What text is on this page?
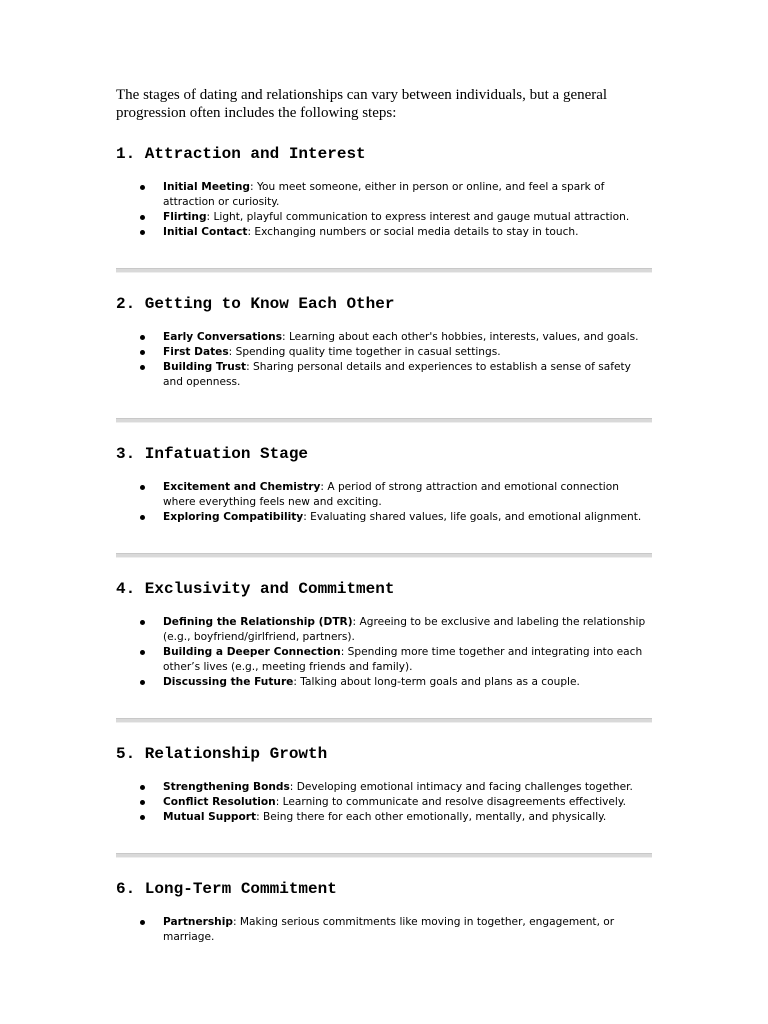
The stages of dating and relationships can vary between individuals, but a general progression often includes the following steps:

1. Attraction and Interest
Initial Meeting: You meet someone, either in person or online, and feel a spark of attraction or curiosity.
Flirting: Light, playful communication to express interest and gauge mutual attraction.
Initial Contact: Exchanging numbers or social media details to stay in touch.
2. Getting to Know Each Other
Early Conversations: Learning about each other's hobbies, interests, values, and goals.
First Dates: Spending quality time together in casual settings.
Building Trust: Sharing personal details and experiences to establish a sense of safety and openness.
3. Infatuation Stage
Excitement and Chemistry: A period of strong attraction and emotional connection where everything feels new and exciting.
Exploring Compatibility: Evaluating shared values, life goals, and emotional alignment.
4. Exclusivity and Commitment
Defining the Relationship (DTR): Agreeing to be exclusive and labeling the relationship (e.g., boyfriend/girlfriend, partners).
Building a Deeper Connection: Spending more time together and integrating into each other’s lives (e.g., meeting friends and family).
Discussing the Future: Talking about long-term goals and plans as a couple.
5. Relationship Growth
Strengthening Bonds: Developing emotional intimacy and facing challenges together.
Conflict Resolution: Learning to communicate and resolve disagreements effectively.
Mutual Support: Being there for each other emotionally, mentally, and physically.
6. Long-Term Commitment
Partnership: Making serious commitments like moving in together, engagement, or marriage.
